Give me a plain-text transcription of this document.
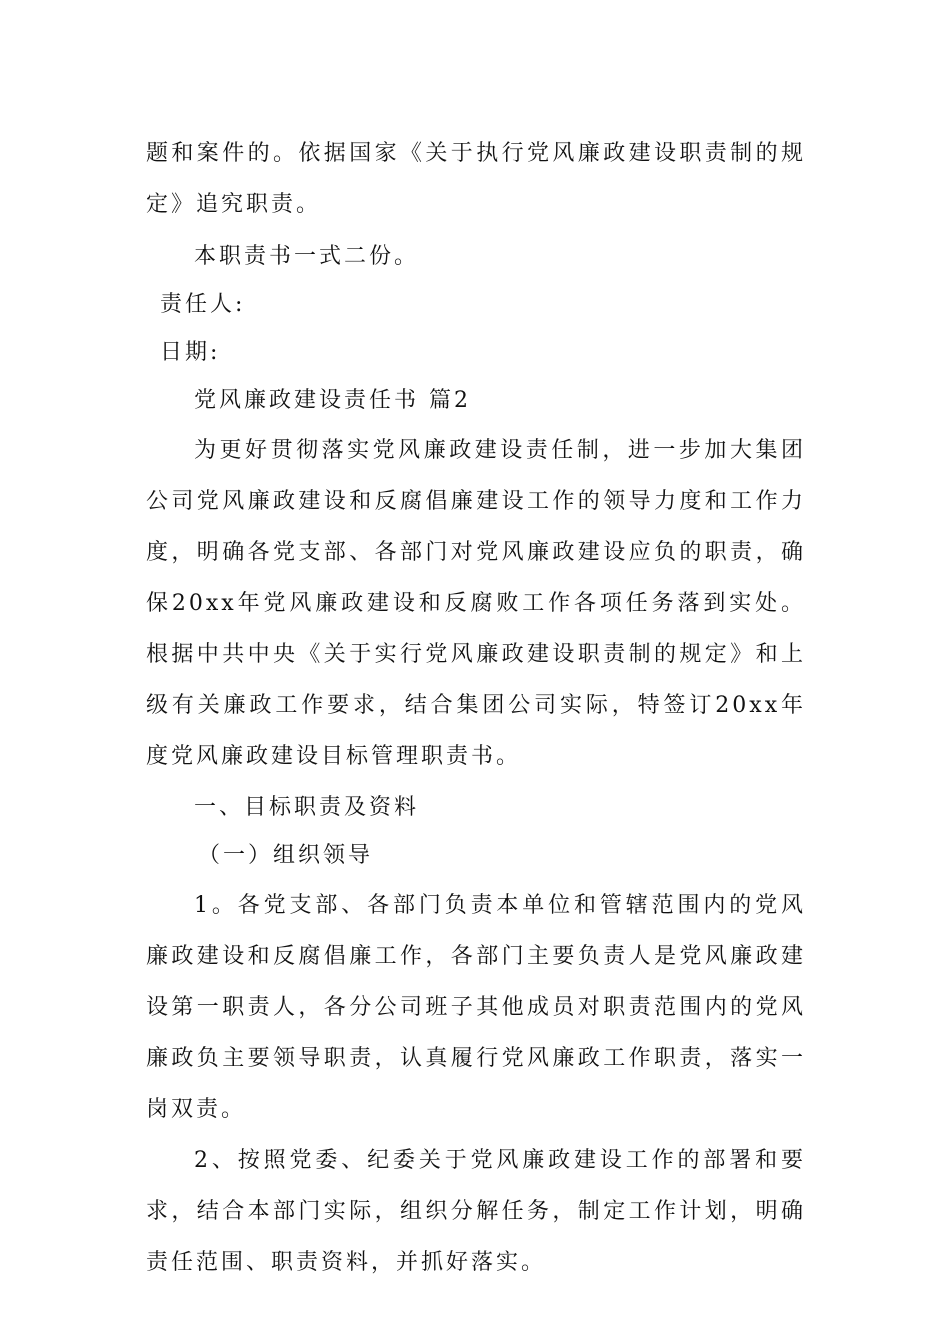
题和案件的。依据国家《关于执行党风廉政建设职责制的规定》追究职责。

本职责书一式二份。

责任人:

日期:

党风廉政建设责任书 篇2

为更好贯彻落实党风廉政建设责任制，进一步加大集团公司党风廉政建设和反腐倡廉建设工作的领导力度和工作力度，明确各党支部、各部门对党风廉政建设应负的职责，确保20xx年党风廉政建设和反腐败工作各项任务落到实处。根据中共中央《关于实行党风廉政建设职责制的规定》和上级有关廉政工作要求，结合集团公司实际，特签订20xx年度党风廉政建设目标管理职责书。

一、目标职责及资料

（一）组织领导

1。各党支部、各部门负责本单位和管辖范围内的党风廉政建设和反腐倡廉工作，各部门主要负责人是党风廉政建设第一职责人，各分公司班子其他成员对职责范围内的党风廉政负主要领导职责，认真履行党风廉政工作职责，落实一岗双责。

2、按照党委、纪委关于党风廉政建设工作的部署和要求，结合本部门实际，组织分解任务，制定工作计划，明确责任范围、职责资料，并抓好落实。
